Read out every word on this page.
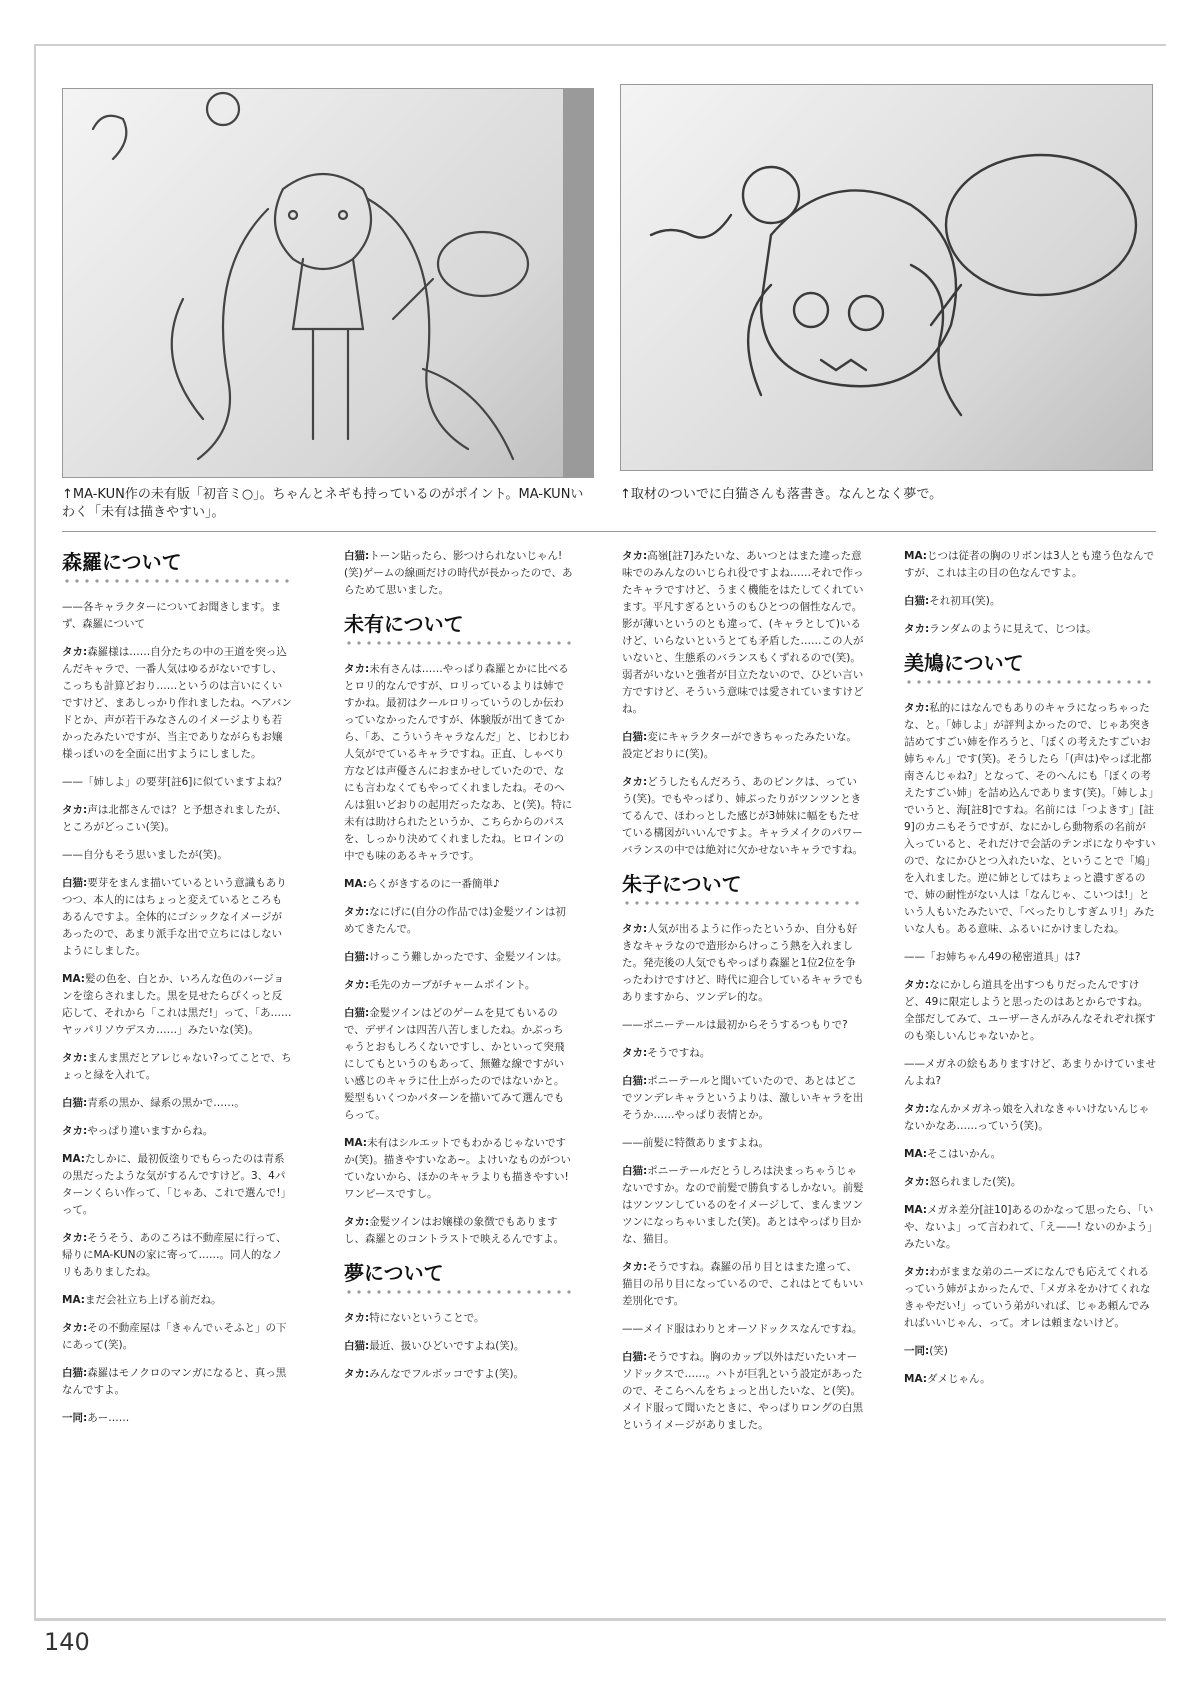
↑MA-KUN作の未有版「初音ミ○」。ちゃんとネギも持っているのがポイント。MA-KUNいわく「未有は描きやすい」。
↑取材のついでに白猫さんも落書き。なんとなく夢で。
森羅について

——各キャラクターについてお聞きします。まず、森羅について

タカ:森羅様は……自分たちの中の王道を突っ込んだキャラで、一番人気はゆるがないですし、こっちも計算どおり……というのは言いにくいですけど、まあしっかり作れましたね。ヘアバンドとか、声が若干みなさんのイメージよりも若かったみたいですが、当主でありながらもお嬢様っぽいのを全面に出すようにしました。

——「姉しよ」の要芽[註6]に似ていますよね？

タカ:声は北都さんでは？と予想されましたが、ところがどっこい(笑)。

——自分もそう思いましたが(笑)。

白猫:要芽をまんま描いているという意識もありつつ、本人的にはちょっと変えているところもあるんですよ。全体的にゴシックなイメージがあったので、あまり派手な出で立ちにはしないようにしました。

MA:髪の色を、白とか、いろんな色のバージョンを塗らされました。黒を見せたらぴくっと反応して、それから「これは黒だ!」って、「あ……ヤッパリソウデスカ……」みたいな(笑)。

タカ:まんま黒だとアレじゃない?ってことで、ちょっと緑を入れて。

白猫:青系の黒か、緑系の黒かで……。

タカ:やっぱり違いますからね。

MA:たしかに、最初仮塗りでもらったのは青系の黒だったような気がするんですけど。3、4パターンくらい作って、「じゃあ、これで選んで!」って。

タカ:そうそう、あのころは不動産屋に行って、帰りにMA-KUNの家に寄って……。同人的なノリもありましたね。

MA:まだ会社立ち上げる前だね。

タカ:その不動産屋は「きゃんでぃそふと」の下にあって(笑)。

白猫:森羅はモノクロのマンガになると、真っ黒なんですよ。

一同:あー……

白猫:トーン貼ったら、影つけられないじゃん!(笑)ゲームの線画だけの時代が長かったので、あらためて思いました。

未有について

タカ:未有さんは……やっぱり森羅とかに比べるとロリ的なんですが、ロリっているよりは姉ですかね。最初はクールロリっていうのしか伝わっていなかったんですが、体験版が出てきてから、「あ、こういうキャラなんだ」と、じわじわ人気がでているキャラですね。正直、しゃべり方などは声優さんにおまかせしていたので、なにも言わなくてもやってくれましたね。そのへんは狙いどおりの起用だったなあ、と(笑)。特に未有は助けられたというか、こちらからのパスを、しっかり決めてくれましたね。ヒロインの中でも味のあるキャラです。

MA:らくがきするのに一番簡単♪

タカ:なにげに(自分の作品では)金髪ツインは初めてきたんで。

白猫:けっこう難しかったです、金髪ツインは。

タカ:毛先のカーブがチャームポイント。

白猫:金髪ツインはどのゲームを見てもいるので、デザインは四苦八苦しましたね。かぶっちゃうとおもしろくないですし、かといって突飛にしてもというのもあって、無難な線ですがいい感じのキャラに仕上がったのではないかと。髪型もいくつかパターンを描いてみて選んでもらって。

MA:未有はシルエットでもわかるじゃないですか(笑)。描きやすいなあ~。よけいなものがついていないから、ほかのキャラよりも描きやすい!ワンピースですし。

タカ:金髪ツインはお嬢様の象徴でもありますし、森羅とのコントラストで映えるんですよ。

夢について

タカ:特にないということで。

白猫:最近、扱いひどいですよね(笑)。

タカ:みんなでフルボッコですよ(笑)。

タカ:高嶺[註7]みたいな、あいつとはまた違った意味でのみんなのいじられ役ですよね……それで作ったキャラですけど、うまく機能をはたしてくれています。平凡すぎるというのもひとつの個性なんで。影が薄いというのとも違って、(キャラとして)いるけど、いらないというとても矛盾した……この人がいないと、生態系のバランスもくずれるので(笑)。弱者がいないと強者が目立たないので、ひどい言い方ですけど、そういう意味では愛されていますけどね。

白猫:変にキャラクターができちゃったみたいな。設定どおりに(笑)。

タカ:どうしたもんだろう、あのピンクは、っていう(笑)。でもやっぱり、姉ぶったりがツンツンときてるんで、ほわっとした感じが3姉妹に幅をもたせている構図がいいんですよ。キャラメイクのパワーバランスの中では絶対に欠かせないキャラですね。

朱子について

タカ:人気が出るように作ったというか、自分も好きなキャラなので造形からけっこう熱を入れました。発売後の人気でもやっぱり森羅と1位2位を争ったわけですけど、時代に迎合しているキャラでもありますから、ツンデレ的な。

——ポニーテールは最初からそうするつもりで?

タカ:そうですね。

白猫:ポニーテールと聞いていたので、あとはどこでツンデレキャラというよりは、激しいキャラを出そうか……やっぱり表情とか。

——前髪に特徴ありますよね。

白猫:ポニーテールだとうしろは決まっちゃうじゃないですか。なので前髪で勝負するしかない。前髪はツンツンしているのをイメージして、まんまツンツンになっちゃいました(笑)。あとはやっぱり目かな、猫目。

タカ:そうですね。森羅の吊り目とはまた違って、猫目の吊り目になっているので、これはとてもいい差別化です。

——メイド服はわりとオーソドックスなんですね。

白猫:そうですね。胸のカップ以外はだいたいオーソドックスで……。ハトが巨乳という設定があったので、そこらへんをちょっと出したいな、と(笑)。メイド服って聞いたときに、やっぱりロングの白黒というイメージがありました。

MA:じつは従者の胸のリボンは3人とも違う色なんですが、これは主の目の色なんですよ。

白猫:それ初耳(笑)。

タカ:ランダムのように見えて、じつは。

美鳩について

タカ:私的にはなんでもありのキャラになっちゃったな、と。「姉しよ」が評判よかったので、じゃあ突き詰めてすごい姉を作ろうと、「ぼくの考えたすごいお姉ちゃん」です(笑)。そうしたら「(声は)やっぱ北都南さんじゃね?」となって、そのへんにも「ぼくの考えたすごい姉」を詰め込んであります(笑)。「姉しよ」でいうと、海[註8]ですね。名前には「つよきす」[註9]のカニもそうですが、なにかしら動物系の名前が入っていると、それだけで会話のテンポになりやすいので、なにかひとつ入れたいな、ということで「鳩」を入れました。逆に姉としてはちょっと濃すぎるので、姉の耐性がない人は「なんじゃ、こいつは!」という人もいたみたいで、「べったりしすぎムリ!」みたいな人も。ある意味、ふるいにかけましたね。

——「お姉ちゃん49の秘密道具」は?

タカ:なにかしら道具を出すつもりだったんですけど、49に限定しようと思ったのはあとからですね。全部だしてみて、ユーザーさんがみんなそれぞれ探すのも楽しいんじゃないかと。

——メガネの絵もありますけど、あまりかけていませんよね?

タカ:なんかメガネっ娘を入れなきゃいけないんじゃないかなあ……っていう(笑)。

MA:そこはいかん。

タカ:怒られました(笑)。

MA:メガネ差分[註10]あるのかなって思ったら、「いや、ないよ」って言われて、「え——! ないのかよう」みたいな。

タカ:わがままな弟のニーズになんでも応えてくれるっていう姉がよかったんで、「メガネをかけてくれなきゃやだい!」っていう弟がいれば、じゃあ頼んでみればいいじゃん、って。オレは頼まないけど。

一同:(笑)

MA:ダメじゃん。

140
